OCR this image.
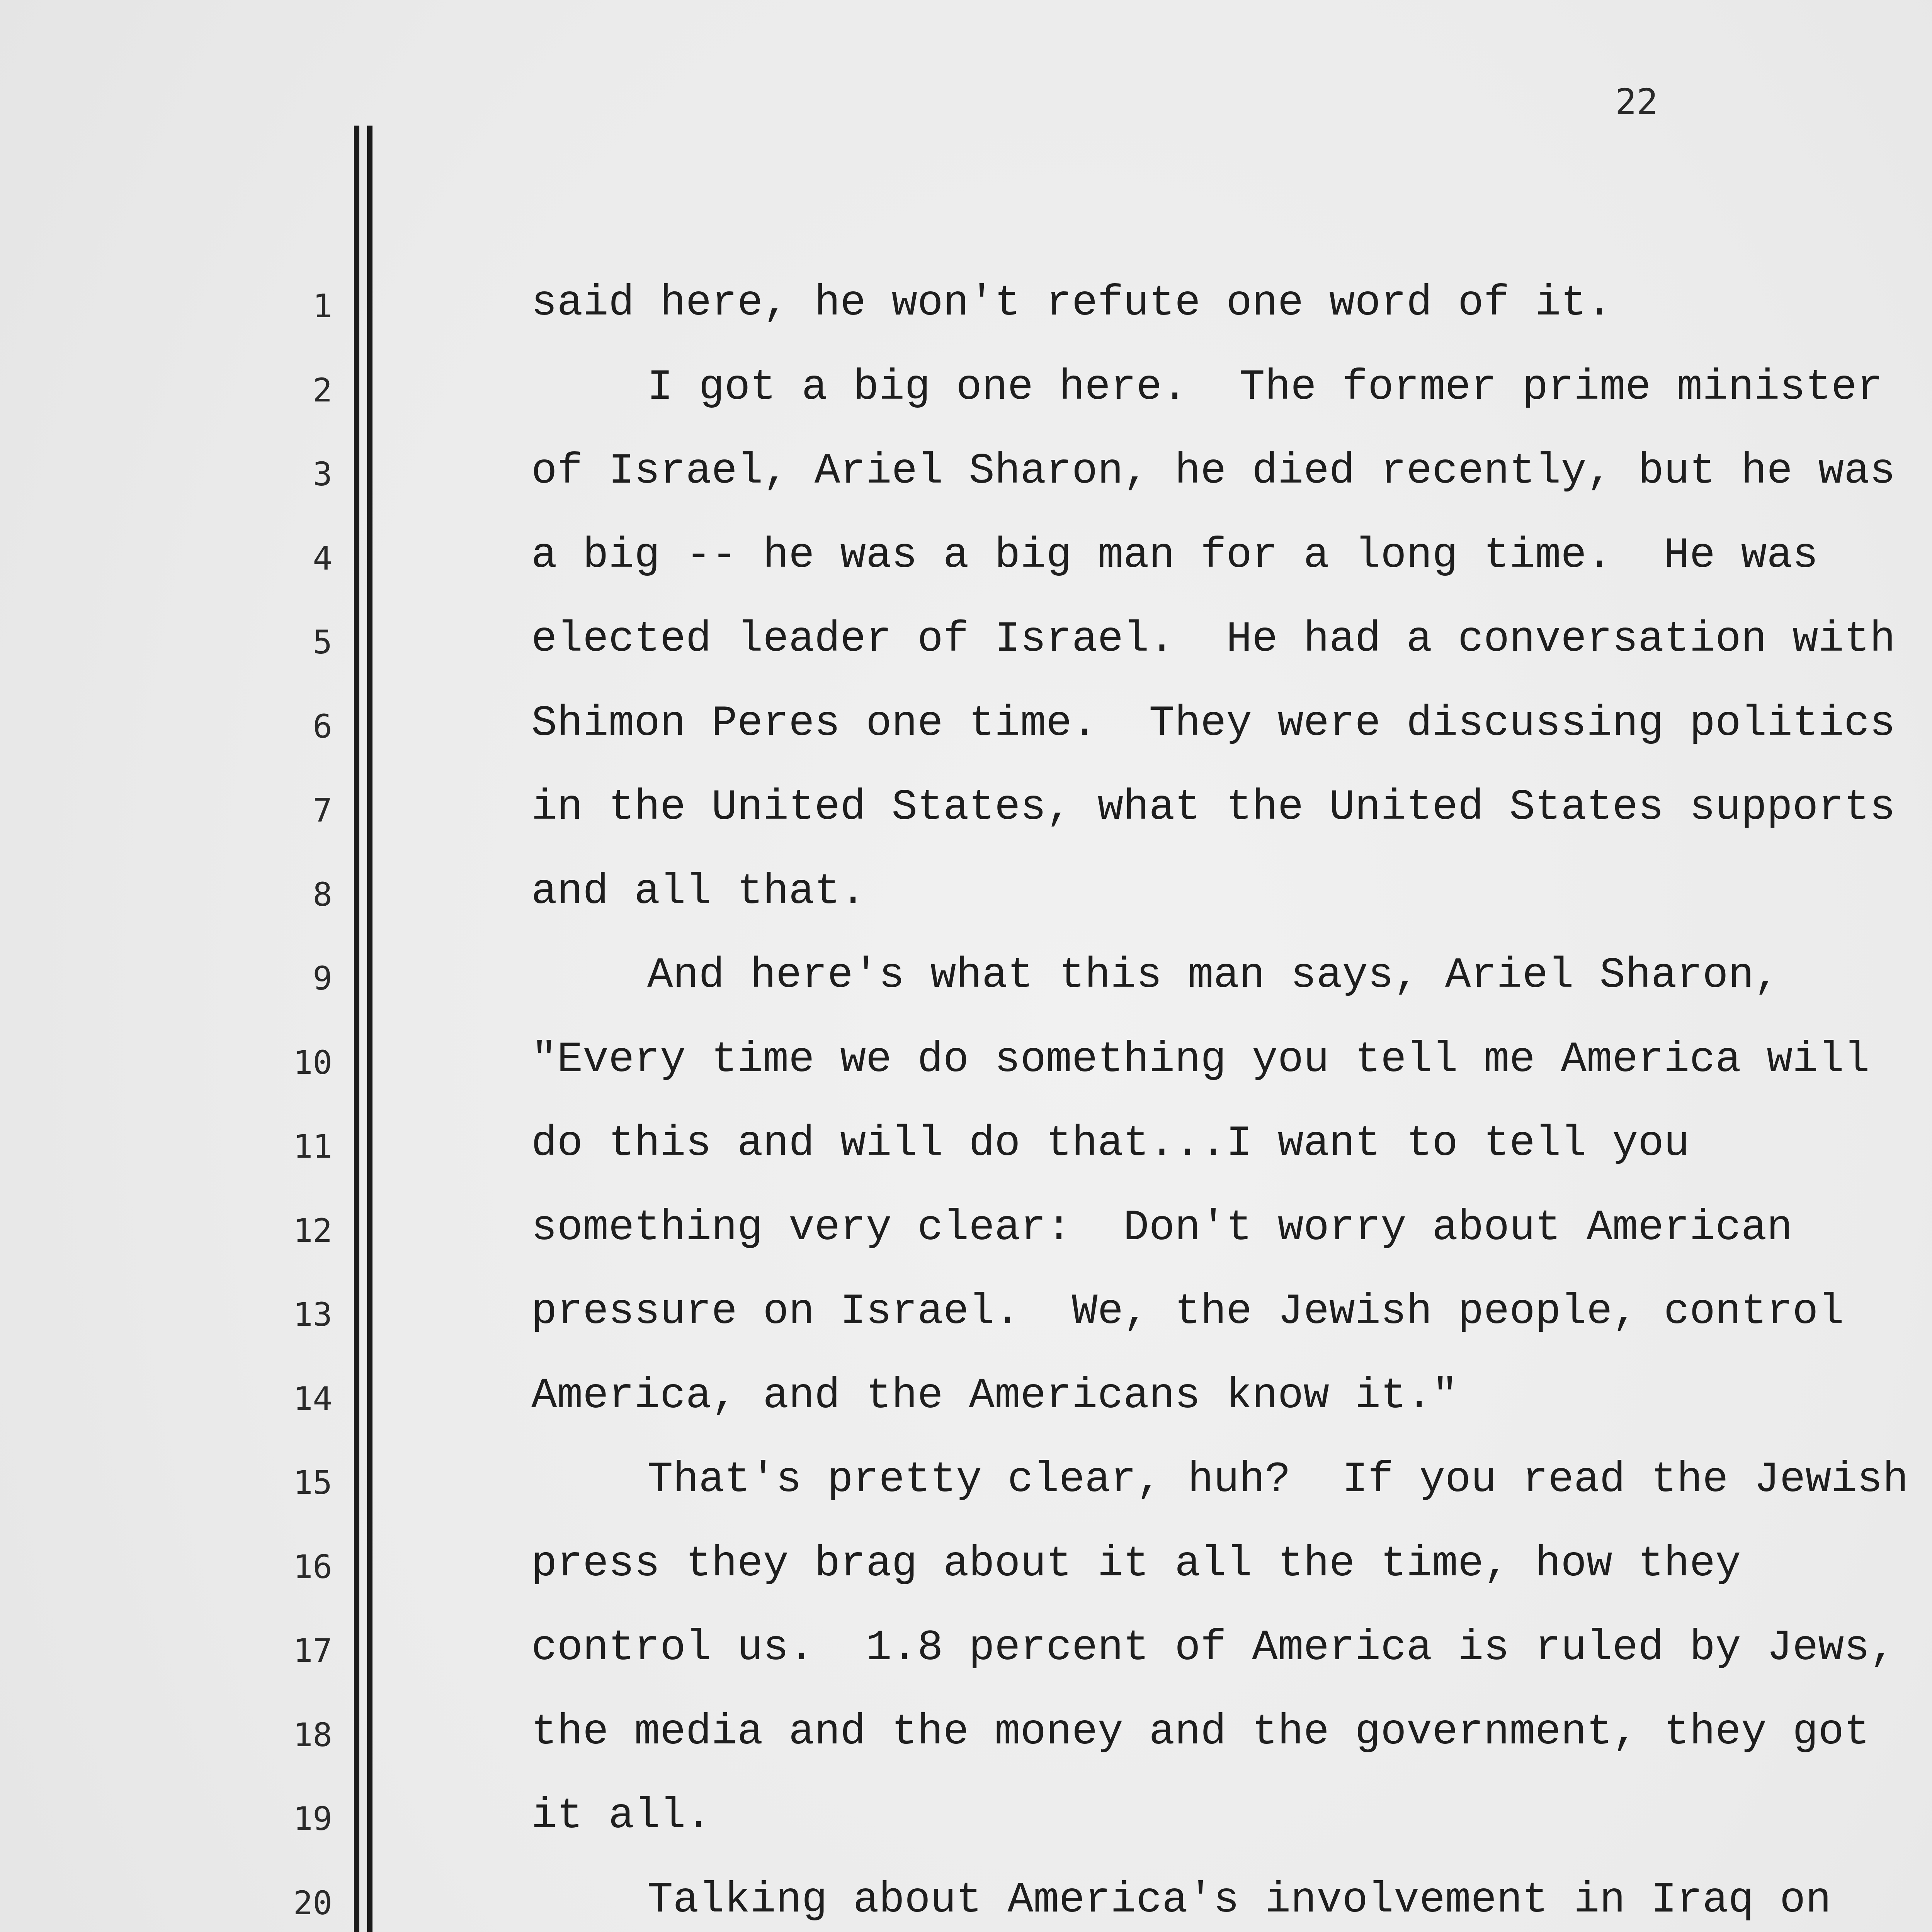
22
1	said here, he won't refute one word of it.
2	I got a big one here.  The former prime minister
3	of Israel, Ariel Sharon, he died recently, but he was
4	a big -- he was a big man for a long time.  He was
5	elected leader of Israel.  He had a conversation with
6	Shimon Peres one time.  They were discussing politics
7	in the United States, what the United States supports
8	and all that.
9	And here's what this man says, Ariel Sharon,
10	"Every time we do something you tell me America will
11	do this and will do that...I want to tell you
12	something very clear:  Don't worry about American
13	pressure on Israel.  We, the Jewish people, control
14	America, and the Americans know it."
15	That's pretty clear, huh?  If you read the Jewish
16	press they brag about it all the time, how they
17	control us.  1.8 percent of America is ruled by Jews,
18	the media and the money and the government, they got
19	it all.
20	Talking about America's involvement in Iraq on
